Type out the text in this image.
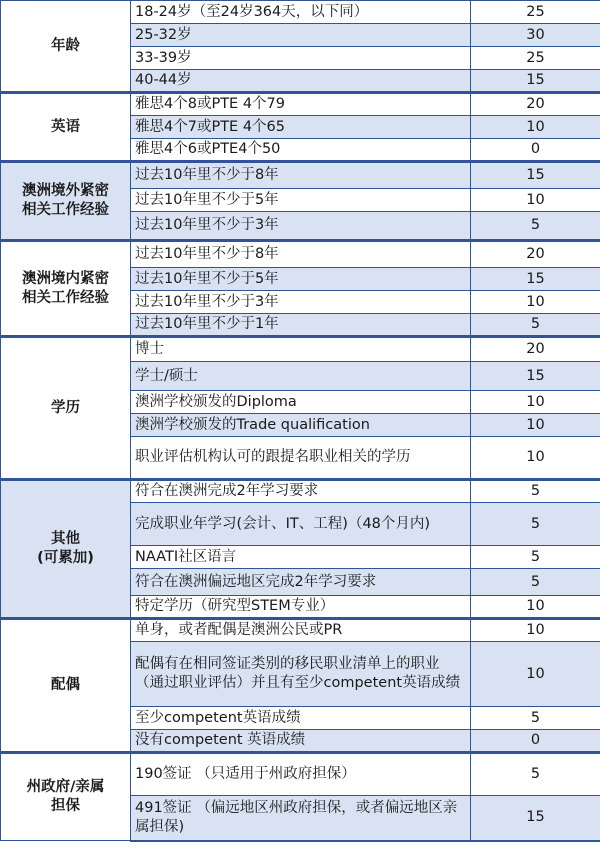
年龄	18-24岁（至24岁364天，以下同）	25
	25-32岁	30
	33-39岁	25
	40-44岁	15
英语	雅思4个8或PTE 4个79	20
	雅思4个7或PTE 4个65	10
	雅思4个6或PTE4个50	0
澳洲境外紧密
相关工作经验	过去10年里不少于8年	15
	过去10年里不少于5年	10
	过去10年里不少于3年	5
澳洲境内紧密
相关工作经验	过去10年里不少于8年	20
	过去10年里不少于5年	15
	过去10年里不少于3年	10
	过去10年里不少于1年	5
学历	博士	20
	学士/硕士	15
	澳洲学校颁发的Diploma	10
	澳洲学校颁发的Trade qualification	10
	职业评估机构认可的跟提名职业相关的学历	10
其他
(可累加)	符合在澳洲完成2年学习要求	5
	完成职业年学习(会计、IT、工程)（48个月内)	5
	NAATI社区语言	5
	符合在澳洲偏远地区完成2年学习要求	5
	特定学历（研究型STEM专业）	10
配偶	单身，或者配偶是澳洲公民或PR	10
	配偶有在相同签证类别的移民职业清单上的职业（通过职业评估）并且有至少competent英语成绩	10
	至少competent英语成绩	5
	没有competent 英语成绩	0
州政府/亲属
担保	190签证 （只适用于州政府担保）	5
	491签证 （偏远地区州政府担保，或者偏远地区亲属担保)	15
